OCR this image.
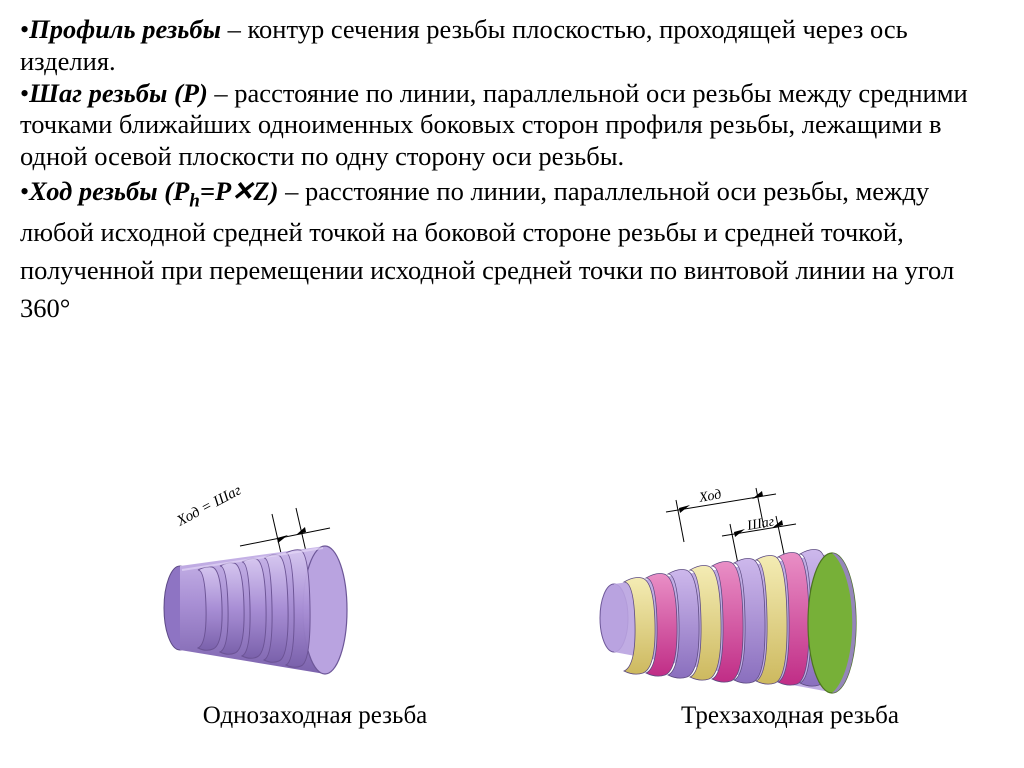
•Профиль резьбы – контур сечения резьбы плоскостью, проходящей через ось изделия.

•Шаг резьбы (Р) – расстояние по линии, параллельной оси резьбы между средними точками ближайших одноименных боковых сторон профиля резьбы, лежащими в одной осевой плоскости по одну сторону оси резьбы.

•Ход резьбы $(P_h=P✕Z)$ – расстояние по линии, параллельной оси резьбы, между любой исходной средней точкой на боковой стороне резьбы и средней точкой, полученной при перемещении исходной средней точки по винтовой линии на угол 360°

Ход = Шаг
Однозаходная резьба
Ход
Шаг
Трехзаходная резьба
